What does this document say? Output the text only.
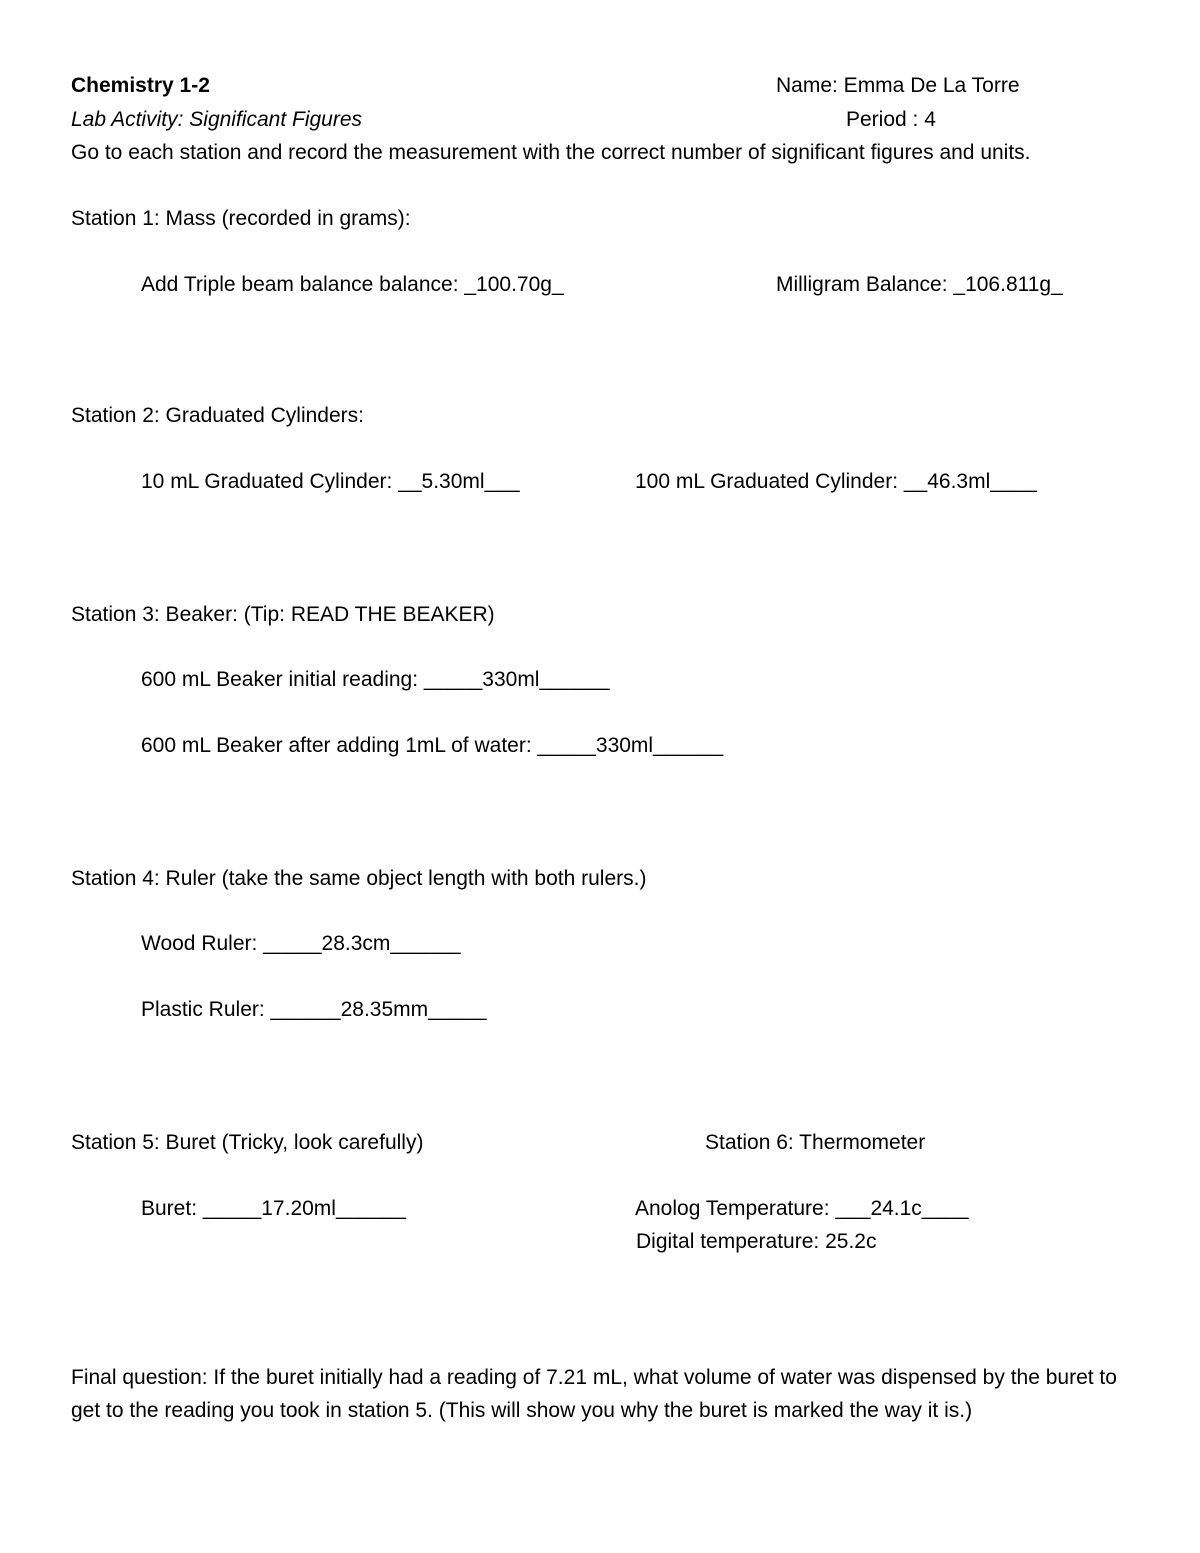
Chemistry 1-2	Name: Emma De La Torre
Lab Activity: Significant Figures	Period : 4
Go to each station and record the measurement with the correct number of significant figures and units.
Station 1: Mass (recorded in grams):
Add Triple beam balance balance: _100.70g_	Milligram Balance: _106.811g_
Station 2: Graduated Cylinders:
10 mL Graduated Cylinder: __5.30ml___	100 mL Graduated Cylinder: __46.3ml____
Station 3: Beaker: (Tip: READ THE BEAKER)
600 mL Beaker initial reading: _____330ml______
600 mL Beaker after adding 1mL of water: _____330ml______
Station 4: Ruler (take the same object length with both rulers.)
Wood Ruler: _____28.3cm______
Plastic Ruler: ______28.35mm_____
Station 5: Buret (Tricky, look carefully)	Station 6: Thermometer
Buret: _____17.20ml______	Anolog Temperature: ___24.1c____
Digital temperature: 25.2c
Final question: If the buret initially had a reading of 7.21 mL, what volume of water was dispensed by the buret to get to the reading you took in station 5. (This will show you why the buret is marked the way it is.)
